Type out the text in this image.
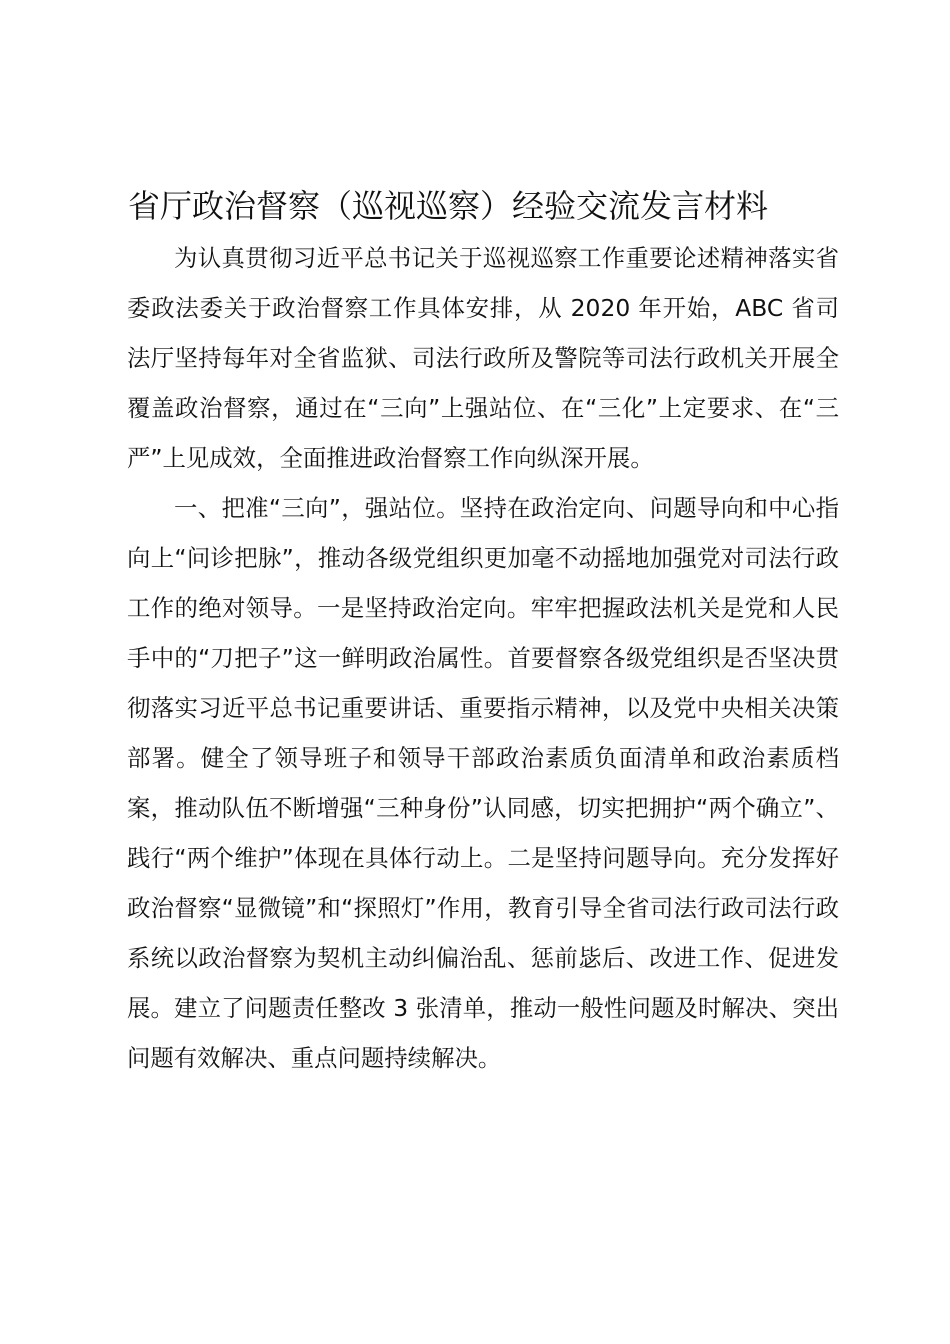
省厅政治督察（巡视巡察）经验交流发言材料

为认真贯彻习近平总书记关于巡视巡察工作重要论述精神落实省委政法委关于政治督察工作具体安排，从 2020 年开始，ABC 省司法厅坚持每年对全省监狱、司法行政所及警院等司法行政机关开展全覆盖政治督察，通过在“三向”上强站位、在“三化”上定要求、在“三严”上见成效，全面推进政治督察工作向纵深开展。

一、把准“三向”，强站位。坚持在政治定向、问题导向和中心指向上“问诊把脉”，推动各级党组织更加毫不动摇地加强党对司法行政工作的绝对领导。一是坚持政治定向。牢牢把握政法机关是党和人民手中的“刀把子”这一鲜明政治属性。首要督察各级党组织是否坚决贯彻落实习近平总书记重要讲话、重要指示精神，以及党中央相关决策部署。健全了领导班子和领导干部政治素质负面清单和政治素质档案，推动队伍不断增强“三种身份”认同感，切实把拥护“两个确立”、践行“两个维护”体现在具体行动上。二是坚持问题导向。充分发挥好政治督察“显微镜”和“探照灯”作用，教育引导全省司法行政司法行政系统以政治督察为契机主动纠偏治乱、惩前毖后、改进工作、促进发展。建立了问题责任整改 3 张清单，推动一般性问题及时解决、突出问题有效解决、重点问题持续解决。
